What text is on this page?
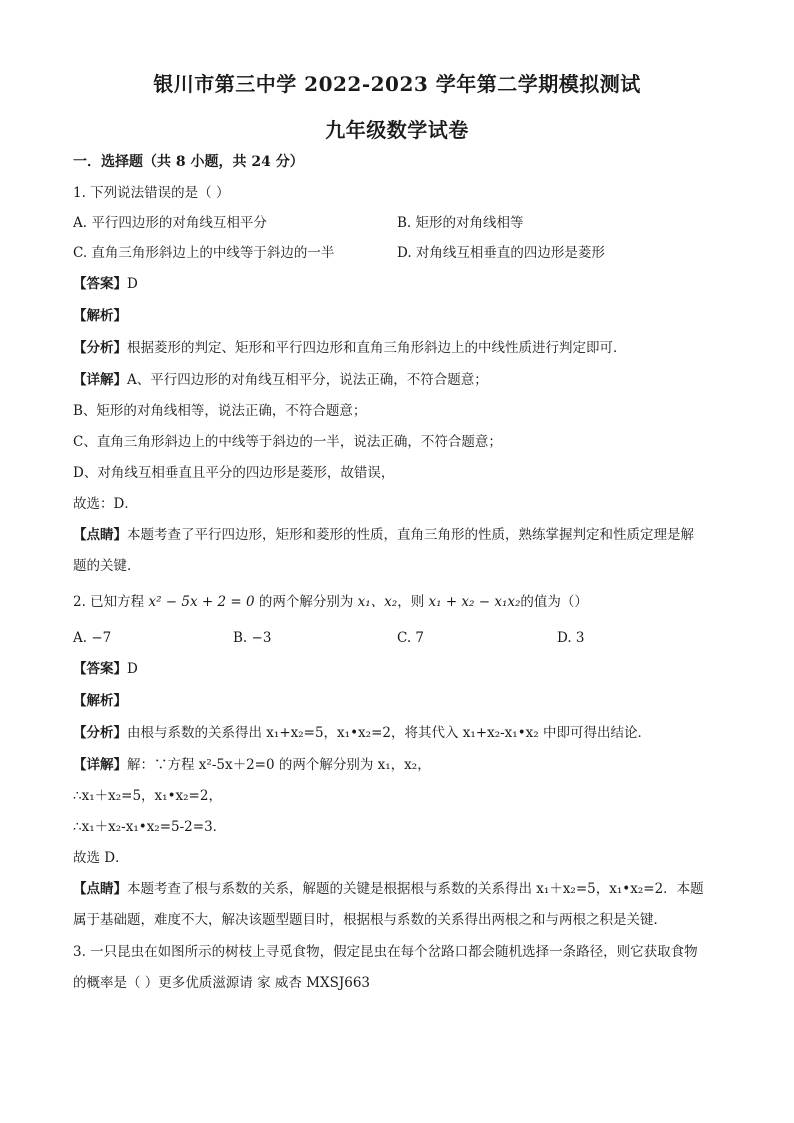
银川市第三中学 2022-2023 学年第二学期模拟测试
九年级数学试卷
一．选择题（共 8 小题，共 24 分）
1. 下列说法错误的是（ ）
A. 平行四边形的对角线互相平分	B. 矩形的对角线相等
C. 直角三角形斜边上的中线等于斜边的一半	D. 对角线互相垂直的四边形是菱形
【答案】D
【解析】
【分析】根据菱形的判定、矩形和平行四边形和直角三角形斜边上的中线性质进行判定即可．
【详解】A、平行四边形的对角线互相平分，说法正确，不符合题意；
B、矩形的对角线相等，说法正确，不符合题意；
C、直角三角形斜边上的中线等于斜边的一半，说法正确，不符合题意；
D、对角线互相垂直且平分的四边形是菱形，故错误，
故选：D．
【点睛】本题考查了平行四边形，矩形和菱形的性质，直角三角形的性质，熟练掌握判定和性质定理是解
题的关键．
2. 已知方程 x² − 5x + 2 = 0 的两个解分别为 x₁、x₂，则 x₁ + x₂ − x₁x₂的值为（）
A. −7	B. −3	C. 7	D. 3
【答案】D
【解析】
【分析】由根与系数的关系得出 x₁+x₂=5，x₁•x₂=2，将其代入 x₁+x₂-x₁•x₂ 中即可得出结论．
【详解】解：∵方程 x²-5x＋2=0 的两个解分别为 x₁，x₂，
∴x₁＋x₂=5，x₁•x₂=2，
∴x₁＋x₂-x₁•x₂=5-2=3．
故选 D．
【点睛】本题考查了根与系数的关系，解题的关键是根据根与系数的关系得出 x₁＋x₂=5，x₁•x₂=2．本题
属于基础题，难度不大，解决该题型题目时，根据根与系数的关系得出两根之和与两根之积是关键．
3. 一只昆虫在如图所示的树枝上寻觅食物，假定昆虫在每个岔路口都会随机选择一条路径，则它获取食物
的概率是（ ）更多优质滋源请 家 威杏 MXSJ663
